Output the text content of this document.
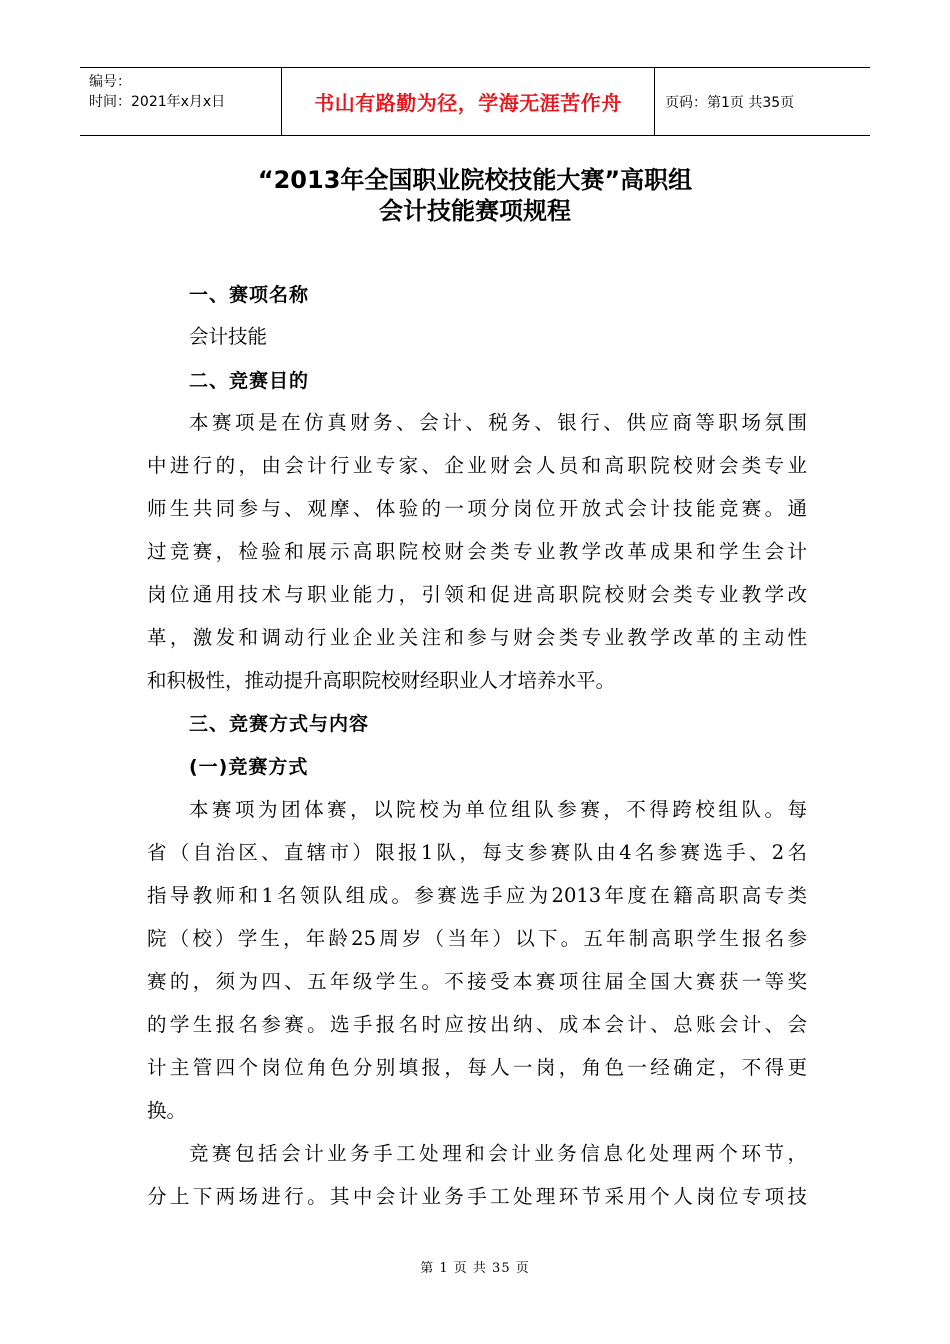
编号：
时间：2021年x月x日	书山有路勤为径，学海无涯苦作舟	页码：第1页 共35页
“2013年全国职业院校技能大赛”高职组
会计技能赛项规程
一、赛项名称
会计技能
二、竞赛目的
本赛项是在仿真财务、会计、税务、银行、供应商等职场氛围
中进行的，由会计行业专家、企业财会人员和高职院校财会类专业
师生共同参与、观摩、体验的一项分岗位开放式会计技能竞赛。通
过竞赛，检验和展示高职院校财会类专业教学改革成果和学生会计
岗位通用技术与职业能力，引领和促进高职院校财会类专业教学改
革，激发和调动行业企业关注和参与财会类专业教学改革的主动性
和积极性，推动提升高职院校财经职业人才培养水平。
三、竞赛方式与内容
(一)竞赛方式
本赛项为团体赛，以院校为单位组队参赛，不得跨校组队。每
省（自治区、直辖市）限报1队，每支参赛队由4名参赛选手、2名
指导教师和1名领队组成。参赛选手应为2013年度在籍高职高专类
院（校）学生，年龄25周岁（当年）以下。五年制高职学生报名参
赛的，须为四、五年级学生。不接受本赛项往届全国大赛获一等奖
的学生报名参赛。选手报名时应按出纳、成本会计、总账会计、会
计主管四个岗位角色分别填报，每人一岗，角色一经确定，不得更
换。
竞赛包括会计业务手工处理和会计业务信息化处理两个环节，
分上下两场进行。其中会计业务手工处理环节采用个人岗位专项技
第 1 页 共 35 页
